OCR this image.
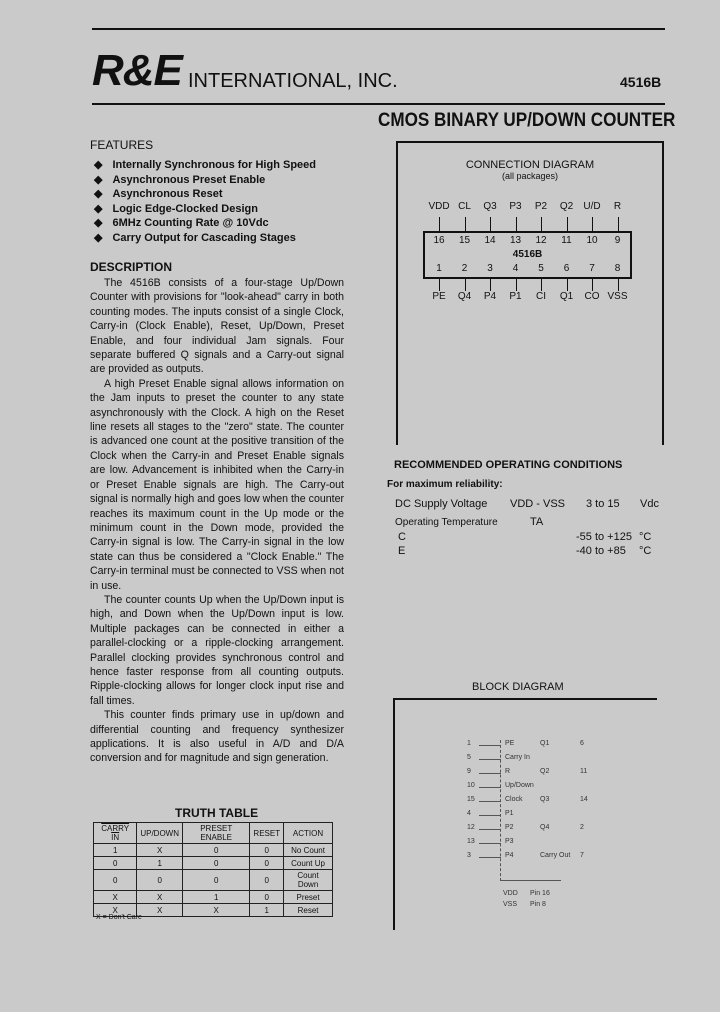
R&E INTERNATIONAL, INC.	4516B
CMOS BINARY UP/DOWN COUNTER
FEATURES
◆ Internally Synchronous for High Speed
◆ Asynchronous Preset Enable
◆ Asynchronous Reset
◆ Logic Edge-Clocked Design
◆ 6MHz Counting Rate @ 10Vdc
◆ Carry Output for Cascading Stages
DESCRIPTION

The 4516B consists of a four-stage Up/Down Counter with provisions for "look-ahead" carry in both counting modes. The inputs consist of a single Clock, Carry-in (Clock Enable), Reset, Up/Down, Preset Enable, and four individual Jam signals. Four separate buffered Q signals and a Carry-out signal are provided as outputs.

A high Preset Enable signal allows information on the Jam inputs to preset the counter to any state asynchronously with the Clock. A high on the Reset line resets all stages to the "zero" state. The counter is advanced one count at the positive transition of the Clock when the Carry-in and Preset Enable signals are low. Advancement is inhibited when the Carry-in or Preset Enable signals are high. The Carry-out signal is normally high and goes low when the counter reaches its maximum count in the Up mode or the minimum count in the Down mode, provided the Carry-in signal is low. The Carry-in signal in the low state can thus be considered a "Clock Enable." The Carry-in terminal must be connected to VSS when not in use.

The counter counts Up when the Up/Down input is high, and Down when the Up/Down input is low. Multiple packages can be connected in either a parallel-clocking or a ripple-clocking arrangement. Parallel clocking provides synchronous control and hence faster response from all counting outputs. Ripple-clocking allows for longer clock input rise and fall times.

This counter finds primary use in up/down and differential counting and frequency synthesizer applications. It is also useful in A/D and D/A conversion and for magnitude and sign generation.

CONNECTION DIAGRAM
(all packages)
4516B
VDD
16
CL
15
Q3
14
P3
13
P2
12
Q2
11
U/D
10
R
9
1
PE
2
Q4
3
P4
4
P1
5
CI
6
Q1
7
CO
8
VSS
RECOMMENDED OPERATING CONDITIONS
For maximum reliability:
DC Supply Voltage VDD - VSS 3 to 15 Vdc
Operating Temperature	TA
C	-55 to +125 °C
E	-40 to +85 °C
BLOCK DIAGRAM
1	PE
5	Carry In
9	R
10	Up/Down
15	Clock
4	P1
12	P2
13	P3
3	P4
Q1	6
Q2	11
Q3	14
Q4	2
Carry Out 7
VDD Pin 16
VSS Pin 8
TRUTH TABLE
CARRY IN	UP/DOWN	PRESET ENABLE	RESET	ACTION
1	X	0	0	No Count
0	1	0	0	Count Up
0	0	0	0	Count Down
X	X	1	0	Preset
X	X	X	1	Reset
X = Don't Care
